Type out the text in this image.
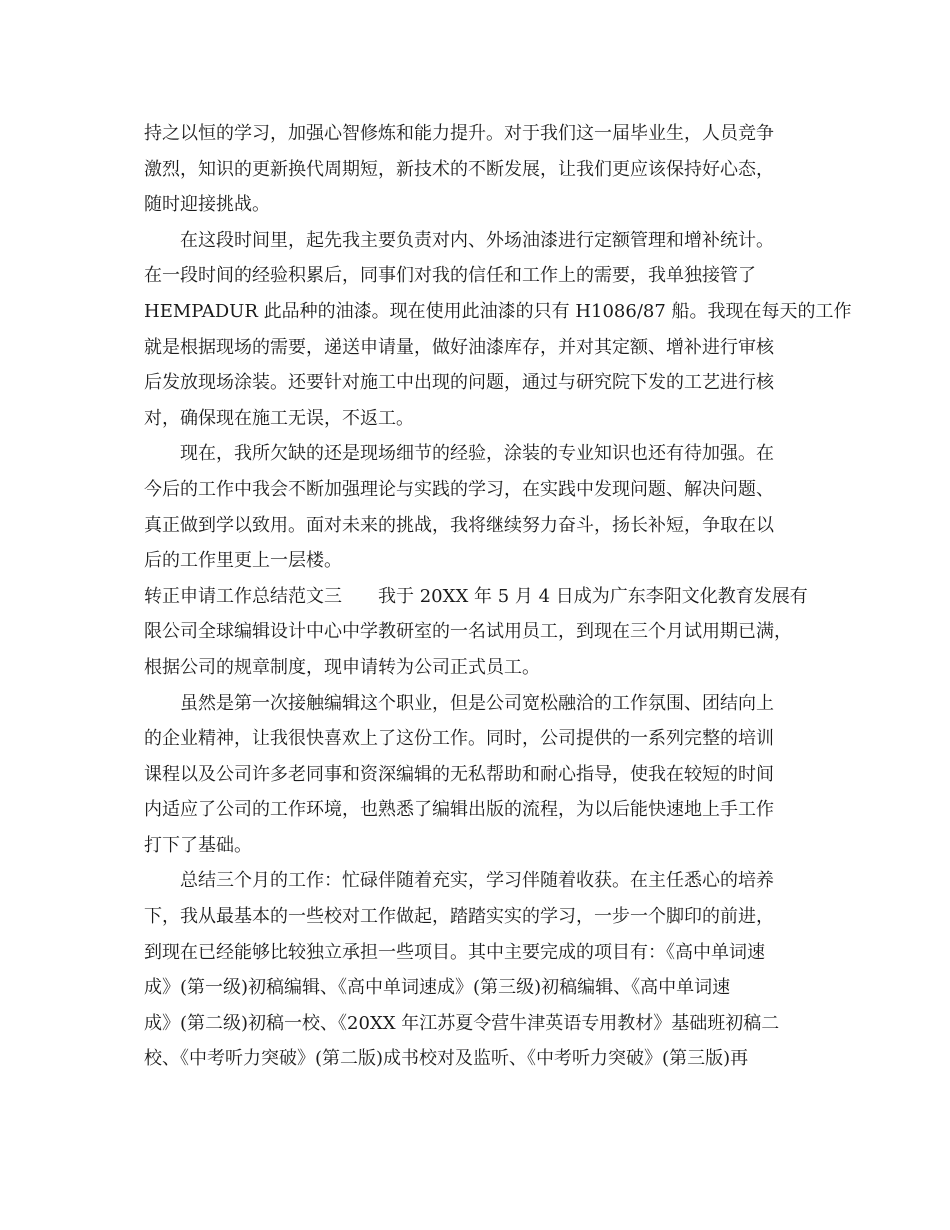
持之以恒的学习，加强心智修炼和能力提升。对于我们这一届毕业生，人员竞争
激烈，知识的更新换代周期短，新技术的不断发展，让我们更应该保持好心态，
随时迎接挑战。
在这段时间里，起先我主要负责对内、外场油漆进行定额管理和增补统计。
在一段时间的经验积累后，同事们对我的信任和工作上的需要，我单独接管了
HEMPADUR 此品种的油漆。现在使用此油漆的只有 H1086/87 船。我现在每天的工作
就是根据现场的需要，递送申请量，做好油漆库存，并对其定额、增补进行审核
后发放现场涂装。还要针对施工中出现的问题，通过与研究院下发的工艺进行核
对，确保现在施工无误，不返工。
现在，我所欠缺的还是现场细节的经验，涂装的专业知识也还有待加强。在
今后的工作中我会不断加强理论与实践的学习，在实践中发现问题、解决问题、
真正做到学以致用。面对未来的挑战，我将继续努力奋斗，扬长补短，争取在以
后的工作里更上一层楼。
转正申请工作总结范文三　　我于 20XX 年 5 月 4 日成为广东李阳文化教育发展有
限公司全球编辑设计中心中学教研室的一名试用员工，到现在三个月试用期已满，
根据公司的规章制度，现申请转为公司正式员工。
虽然是第一次接触编辑这个职业，但是公司宽松融洽的工作氛围、团结向上
的企业精神，让我很快喜欢上了这份工作。同时，公司提供的一系列完整的培训
课程以及公司许多老同事和资深编辑的无私帮助和耐心指导，使我在较短的时间
内适应了公司的工作环境，也熟悉了编辑出版的流程，为以后能快速地上手工作
打下了基础。
总结三个月的工作：忙碌伴随着充实，学习伴随着收获。在主任悉心的培养
下，我从最基本的一些校对工作做起，踏踏实实的学习，一步一个脚印的前进，
到现在已经能够比较独立承担一些项目。其中主要完成的项目有：《高中单词速
成》(第一级)初稿编辑、《高中单词速成》(第三级)初稿编辑、《高中单词速
成》(第二级)初稿一校、《20XX 年江苏夏令营牛津英语专用教材》基础班初稿二
校、《中考听力突破》(第二版)成书校对及监听、《中考听力突破》(第三版)再
